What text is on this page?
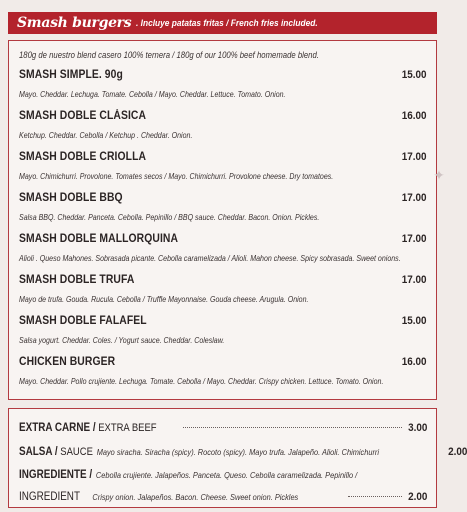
Smash burgers . Incluye patatas fritas / French fries included.
180g de nuestro blend casero 100% ternera / 180g of our 100% beef homemade blend.
SMASH SIMPLE. 90g	15.00
Mayo. Cheddar. Lechuga. Tomate. Cebolla / Mayo. Cheddar. Lettuce. Tomato. Onion.
SMASH DOBLE CLÁSICA	16.00
Ketchup. Cheddar. Cebolla / Ketchup . Cheddar. Onion.
SMASH DOBLE CRIOLLA	17.00
Mayo. Chimichurri. Provolone. Tomates secos / Mayo. Chimichurri. Provolone cheese. Dry tomatoes.
SMASH DOBLE BBQ	17.00
Salsa BBQ. Cheddar. Panceta. Cebolla. Pepinillo / BBQ sauce. Cheddar. Bacon. Onion. Pickles.
SMASH DOBLE MALLORQUINA	17.00
Alioli . Queso Mahones. Sobrasada picante. Cebolla caramelizada / Alioli. Mahon cheese. Spicy sobrasada. Sweet onions.
SMASH DOBLE TRUFA	17.00
Mayo de trufa. Gouda. Rucula. Cebolla / Truffle Mayonnaise. Gouda cheese. Arugula. Onion.
SMASH DOBLE FALAFEL	15.00
Salsa yogurt. Cheddar. Coles. / Yogurt sauce. Cheddar. Coleslaw.
CHICKEN BURGER	16.00
Mayo. Cheddar. Pollo crujiente. Lechuga. Tomate. Cebolla / Mayo. Cheddar. Crispy chicken. Lettuce. Tomato. Onion.
✦
EXTRA CARNE / EXTRA BEEF	3.00
SALSA / SAUCE Mayo siracha. Siracha (spicy). Rocoto (spicy). Mayo trufa. Jalapeño. Alioli. Chimichurri	2.00
INGREDIENTE / Cebolla crujiente. Jalapeños. Panceta. Queso. Cebolla caramelizada. Pepinillo /
INGREDIENT Crispy onion. Jalapeños. Bacon. Cheese. Sweet onion. Pickles	2.00
